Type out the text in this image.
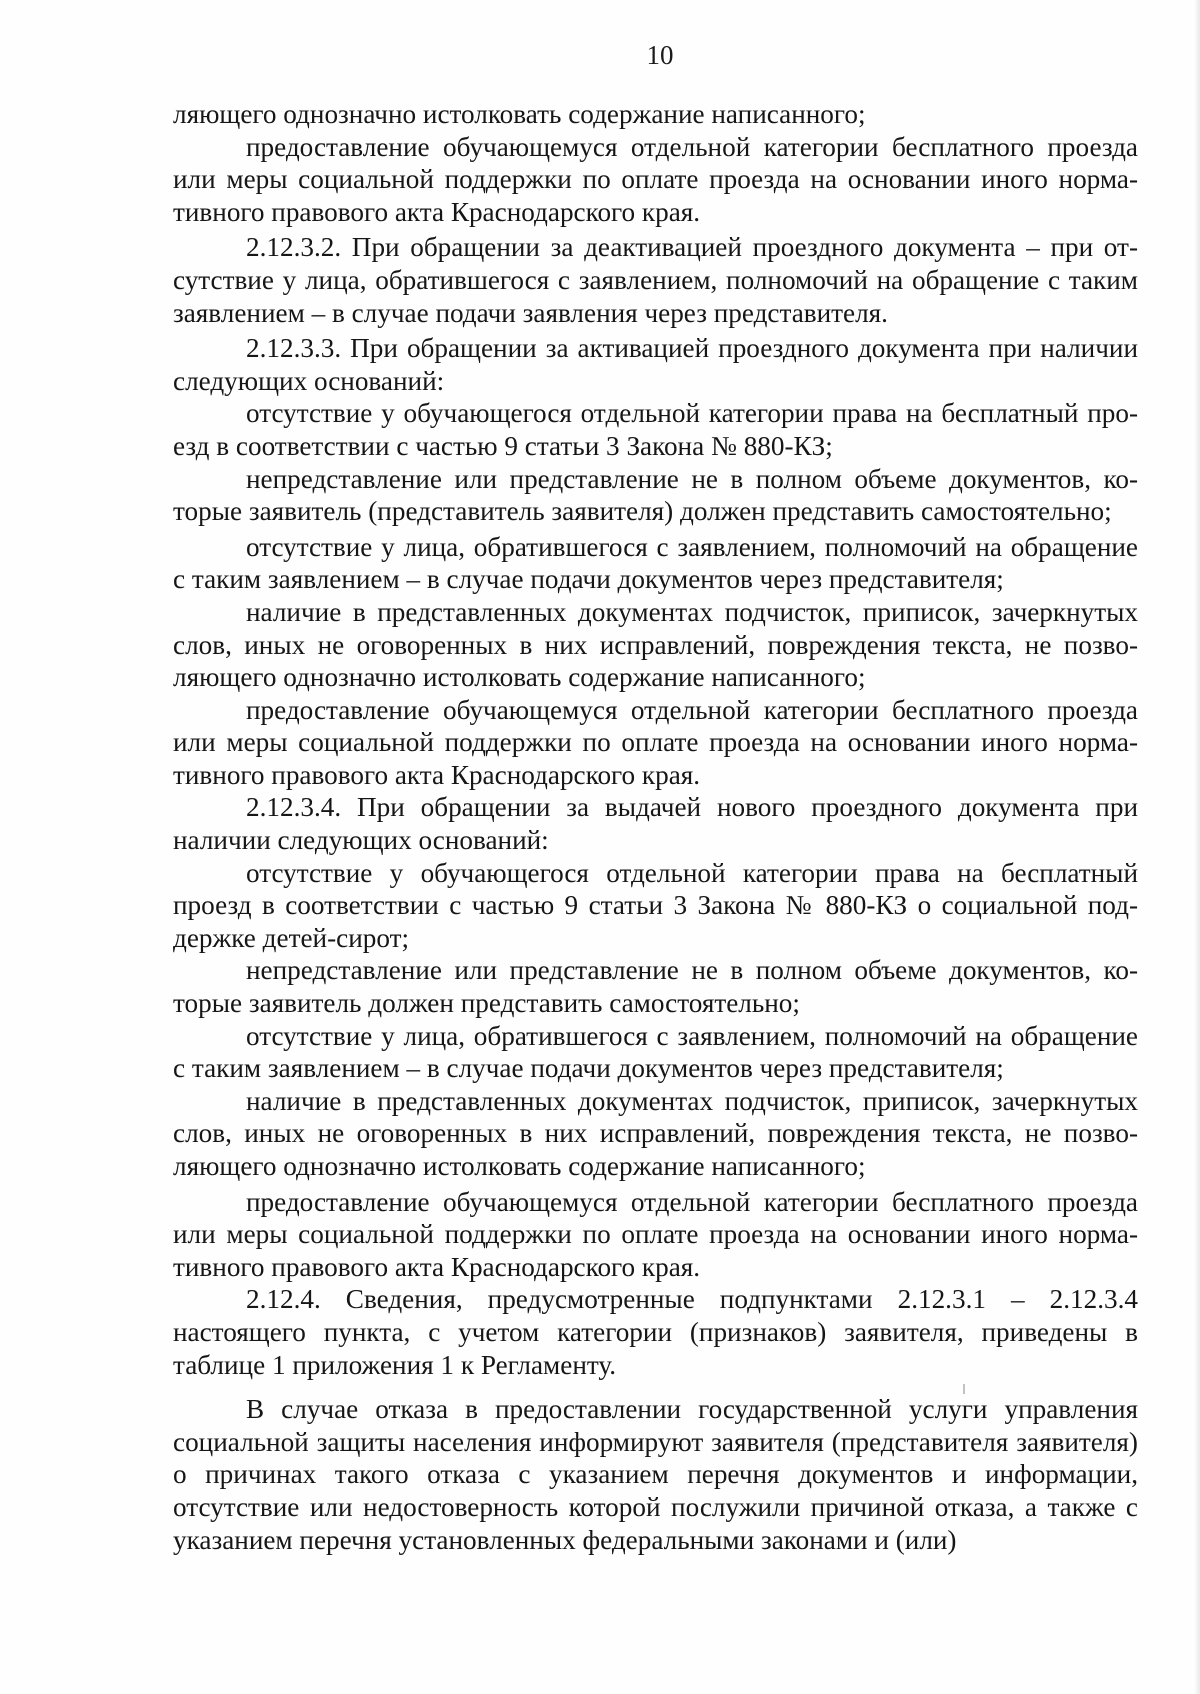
10

ляющего однозначно истолковать содержание написанного;

предоставление обучающемуся отдельной категории бесплатного проезда или меры социальной поддержки по оплате проезда на основании иного нормативного правового акта Краснодарского края.

2.12.3.2. При обращении за деактивацией проездного документа – при отсутствие у лица, обратившегося с заявлением, полномочий на обращение с таким заявлением – в случае подачи заявления через представителя.

2.12.3.3. При обращении за активацией проездного документа при наличии следующих оснований:

отсутствие у обучающегося отдельной категории права на бесплатный проезд в соответствии с частью 9 статьи 3 Закона № 880-КЗ;

непредставление или представление не в полном объеме документов, которые заявитель (представитель заявителя) должен представить самостоятельно;

отсутствие у лица, обратившегося с заявлением, полномочий на обращение с таким заявлением – в случае подачи документов через представителя;

наличие в представленных документах подчисток, приписок, зачеркнутых слов, иных не оговоренных в них исправлений, повреждения текста, не позволяющего однозначно истолковать содержание написанного;

предоставление обучающемуся отдельной категории бесплатного проезда или меры социальной поддержки по оплате проезда на основании иного нормативного правового акта Краснодарского края.

2.12.3.4. При обращении за выдачей нового проездного документа при наличии следующих оснований:

отсутствие у обучающегося отдельной категории права на бесплатный проезд в соответствии с частью 9 статьи 3 Закона № 880-КЗ о социальной поддержке детей-сирот;

непредставление или представление не в полном объеме документов, которые заявитель должен представить самостоятельно;

отсутствие у лица, обратившегося с заявлением, полномочий на обращение с таким заявлением – в случае подачи документов через представителя;

наличие в представленных документах подчисток, приписок, зачеркнутых слов, иных не оговоренных в них исправлений, повреждения текста, не позволяющего однозначно истолковать содержание написанного;

предоставление обучающемуся отдельной категории бесплатного проезда или меры социальной поддержки по оплате проезда на основании иного нормативного правового акта Краснодарского края.

2.12.4. Сведения, предусмотренные подпунктами 2.12.3.1 – 2.12.3.4 настоящего пункта, с учетом категории (признаков) заявителя, приведены в таблице 1 приложения 1 к Регламенту.

В случае отказа в предоставлении государственной услуги управления социальной защиты населения информируют заявителя (представителя заявителя) о причинах такого отказа с указанием перечня документов и информации, отсутствие или недостоверность которой послужили причиной отказа, а также с указанием перечня установленных федеральными законами и (или)
